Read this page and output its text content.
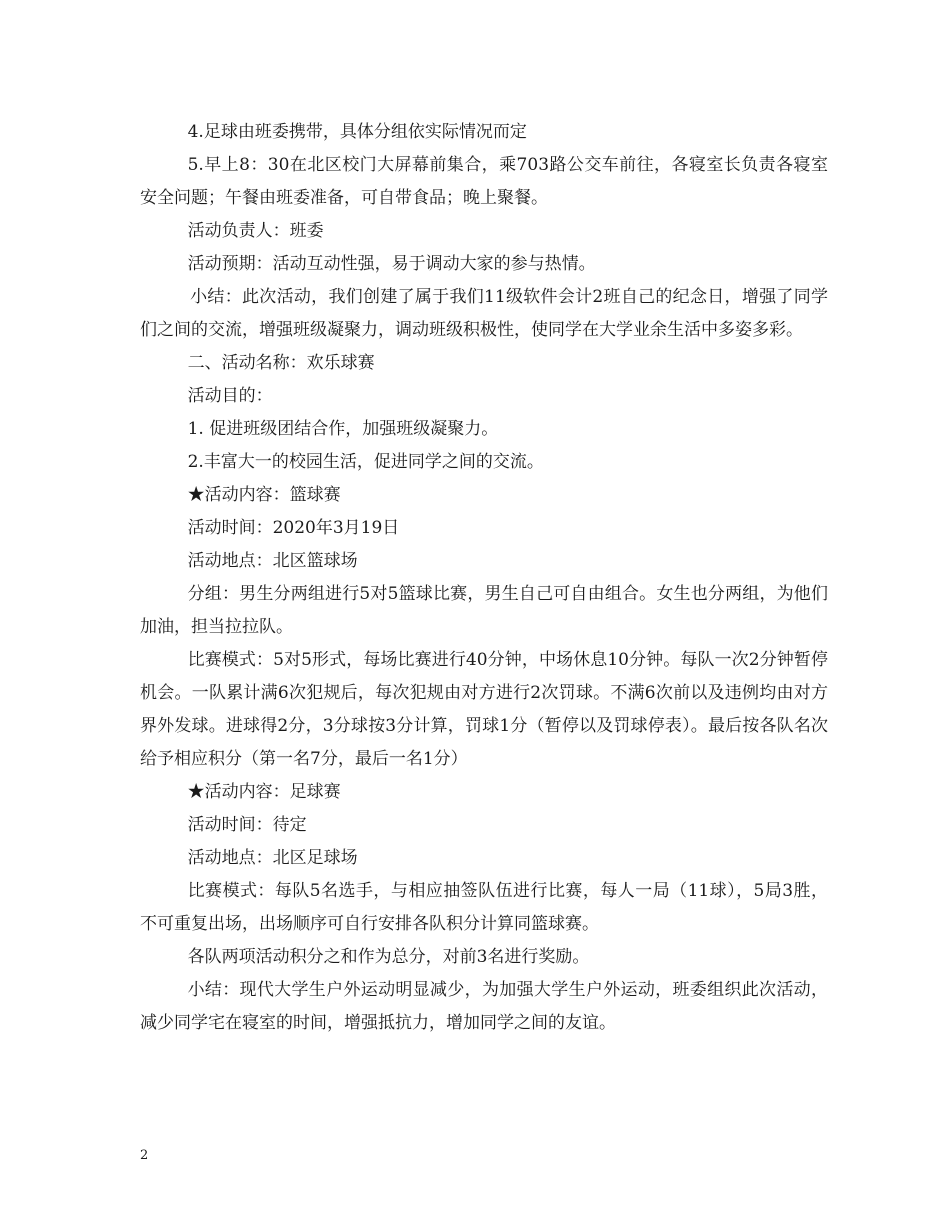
4.足球由班委携带，具体分组依实际情况而定

5.早上8：30在北区校门大屏幕前集合，乘703路公交车前往，各寝室长负责各寝室安全问题；午餐由班委准备，可自带食品；晚上聚餐。

活动负责人：班委

活动预期：活动互动性强，易于调动大家的参与热情。

小结：此次活动，我们创建了属于我们11级软件会计2班自己的纪念日，增强了同学们之间的交流，增强班级凝聚力，调动班级积极性，使同学在大学业余生活中多姿多彩。

二、活动名称：欢乐球赛

活动目的：

1. 促进班级团结合作，加强班级凝聚力。

2.丰富大一的校园生活，促进同学之间的交流。

★活动内容：篮球赛

活动时间：2020年3月19日

活动地点：北区篮球场

分组：男生分两组进行5对5篮球比赛，男生自己可自由组合。女生也分两组，为他们加油，担当拉拉队。

比赛模式：5对5形式，每场比赛进行40分钟，中场休息10分钟。每队一次2分钟暂停机会。一队累计满6次犯规后，每次犯规由对方进行2次罚球。不满6次前以及违例均由对方界外发球。进球得2分，3分球按3分计算，罚球1分（暂停以及罚球停表）。最后按各队名次给予相应积分（第一名7分，最后一名1分）

★活动内容：足球赛

活动时间：待定

活动地点：北区足球场

比赛模式：每队5名选手，与相应抽签队伍进行比赛，每人一局（11球），5局3胜，不可重复出场，出场顺序可自行安排各队积分计算同篮球赛。

各队两项活动积分之和作为总分，对前3名进行奖励。

小结：现代大学生户外运动明显减少，为加强大学生户外运动，班委组织此次活动，减少同学宅在寝室的时间，增强抵抗力，增加同学之间的友谊。

2
